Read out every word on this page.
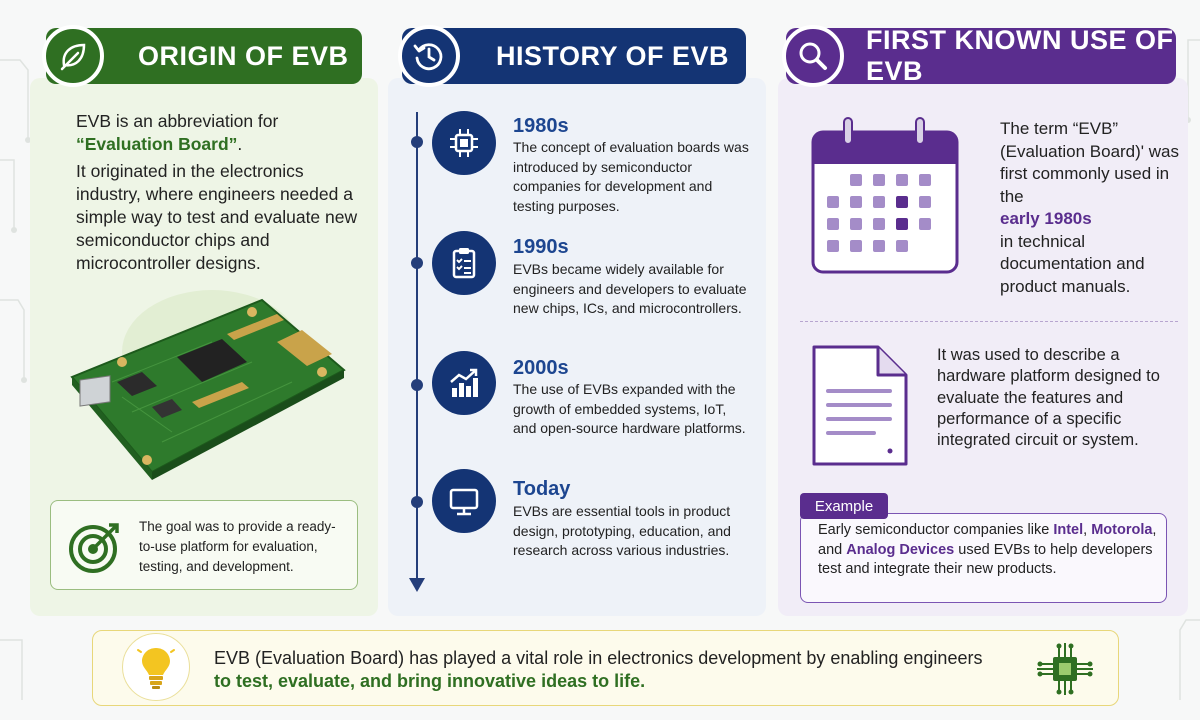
ORIGIN OF EVB	HISTORY OF EVB
FIRST KNOWN USE OF EVB
EVB is an abbreviation for
“Evaluation Board”.
It originated in the electronics industry, where engineers needed a simple way to test and evaluate new semiconductor chips and microcontroller designs.
The goal was to provide a ready-to-use platform for evaluation, testing, and development.
1980s
The concept of evaluation boards was introduced by semiconductor companies for development and testing purposes.
1990s
EVBs became widely available for engineers and developers to evaluate new chips, ICs, and microcontrollers.
2000s
The use of EVBs expanded with the growth of embedded systems, IoT, and open-source hardware platforms.
Today
EVBs are essential tools in product design, prototyping, education, and research across various industries.
The term “EVB” (Evaluation Board)' was first commonly used in the
early 1980s
in technical documentation and product manuals.
It was used to describe a hardware platform designed to evaluate the features and performance of a specific integrated circuit or system.
Example
Early semiconductor companies like Intel, Motorola, and Analog Devices used EVBs to help developers test and integrate their new products.
EVB (Evaluation Board) has played a vital role in electronics development by enabling engineers
to test, evaluate, and bring innovative ideas to life.
